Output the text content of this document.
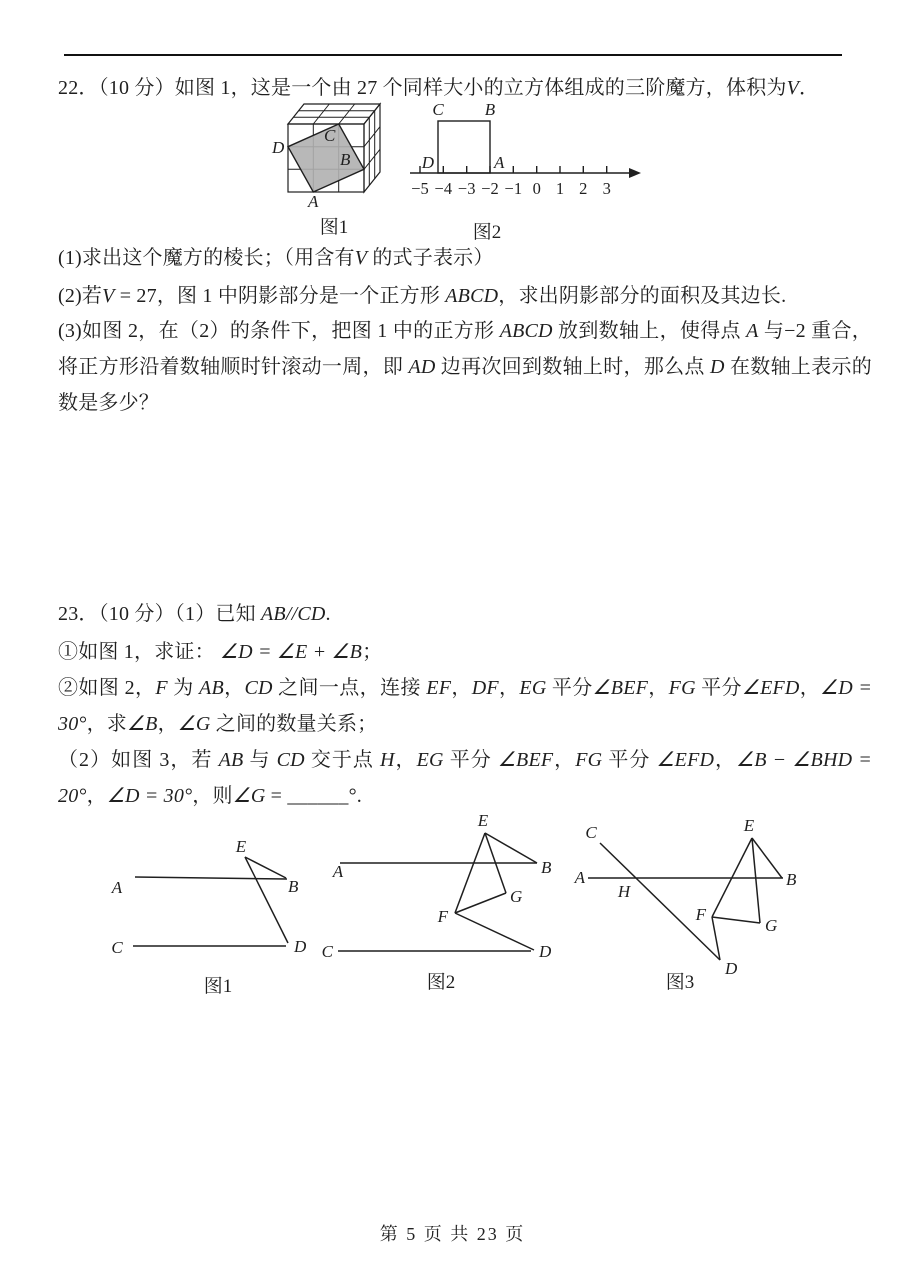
22．（10 分）如图 1，这是一个由 27 个同样大小的立方体组成的三阶魔方，体积为V．

D
C
B
A
图1
C B
D	A
−5 −4 −3 −2 −1 0 1 2 3
图2

(1)求出这个魔方的棱长；（用含有V 的式子表示）

(2)若V = 27，图 1 中阴影部分是一个正方形 ABCD，求出阴影部分的面积及其边长.

(3)如图 2，在（2）的条件下，把图 1 中的正方形 ABCD 放到数轴上，使得点 A 与−2 重合，将正方形沿着数轴顺时针滚动一周，即 AD 边再次回到数轴上时，那么点 D 在数轴上表示的数是多少？

23．（10 分）（1）已知 AB//CD.

①如图 1，求证： ∠D = ∠E + ∠B；

②如图 2，F 为 AB，CD 之间一点，连接 EF，DF，EG 平分∠BEF，FG 平分∠EFD，∠D = 30°，求∠B，∠G 之间的数量关系；

（2）如图 3，若 AB 与 CD 交于点 H，EG 平分 ∠BEF，FG 平分 ∠EFD，∠B − ∠BHD = 20°，∠D = 30°，则∠G = ______°.

A	B
C	D
E
图1
A	B
C	D
E
F
G
图2
A	B
C
D
E
F
G
H
图3
第 5 页 共 23 页
